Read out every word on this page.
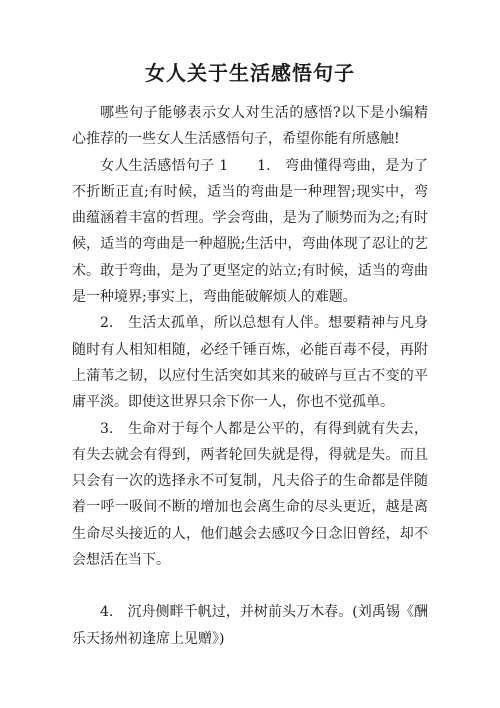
女人关于生活感悟句子

哪些句子能够表示女人对生活的感悟?以下是小编精心推荐的一些女人生活感悟句子，希望你能有所感触!

女人生活感悟句子 1　　1.　弯曲懂得弯曲，是为了不折断正直;有时候，适当的弯曲是一种理智;现实中，弯曲蕴涵着丰富的哲理。学会弯曲，是为了顺势而为之;有时候，适当的弯曲是一种超脱;生活中，弯曲体现了忍让的艺术。敢于弯曲，是为了更坚定的站立;有时候，适当的弯曲是一种境界;事实上，弯曲能破解烦人的难题。

2.　生活太孤单，所以总想有人伴。想要精神与凡身随时有人相知相随，必经千锤百炼，必能百毒不侵，再附上蒲苇之韧，以应付生活突如其来的破碎与亘古不变的平庸平淡。即使这世界只余下你一人，你也不觉孤单。

3.　生命对于每个人都是公平的，有得到就有失去，有失去就会有得到，两者轮回失就是得，得就是失。而且只会有一次的选择永不可复制，凡夫俗子的生命都是伴随着一呼一吸间不断的增加也会离生命的尽头更近，越是离生命尽头接近的人，他们越会去感叹今日念旧曾经，却不会想活在当下。

4.　沉舟侧畔千帆过，并树前头万木春。(刘禹锡《酬乐天扬州初逢席上见赠》)
